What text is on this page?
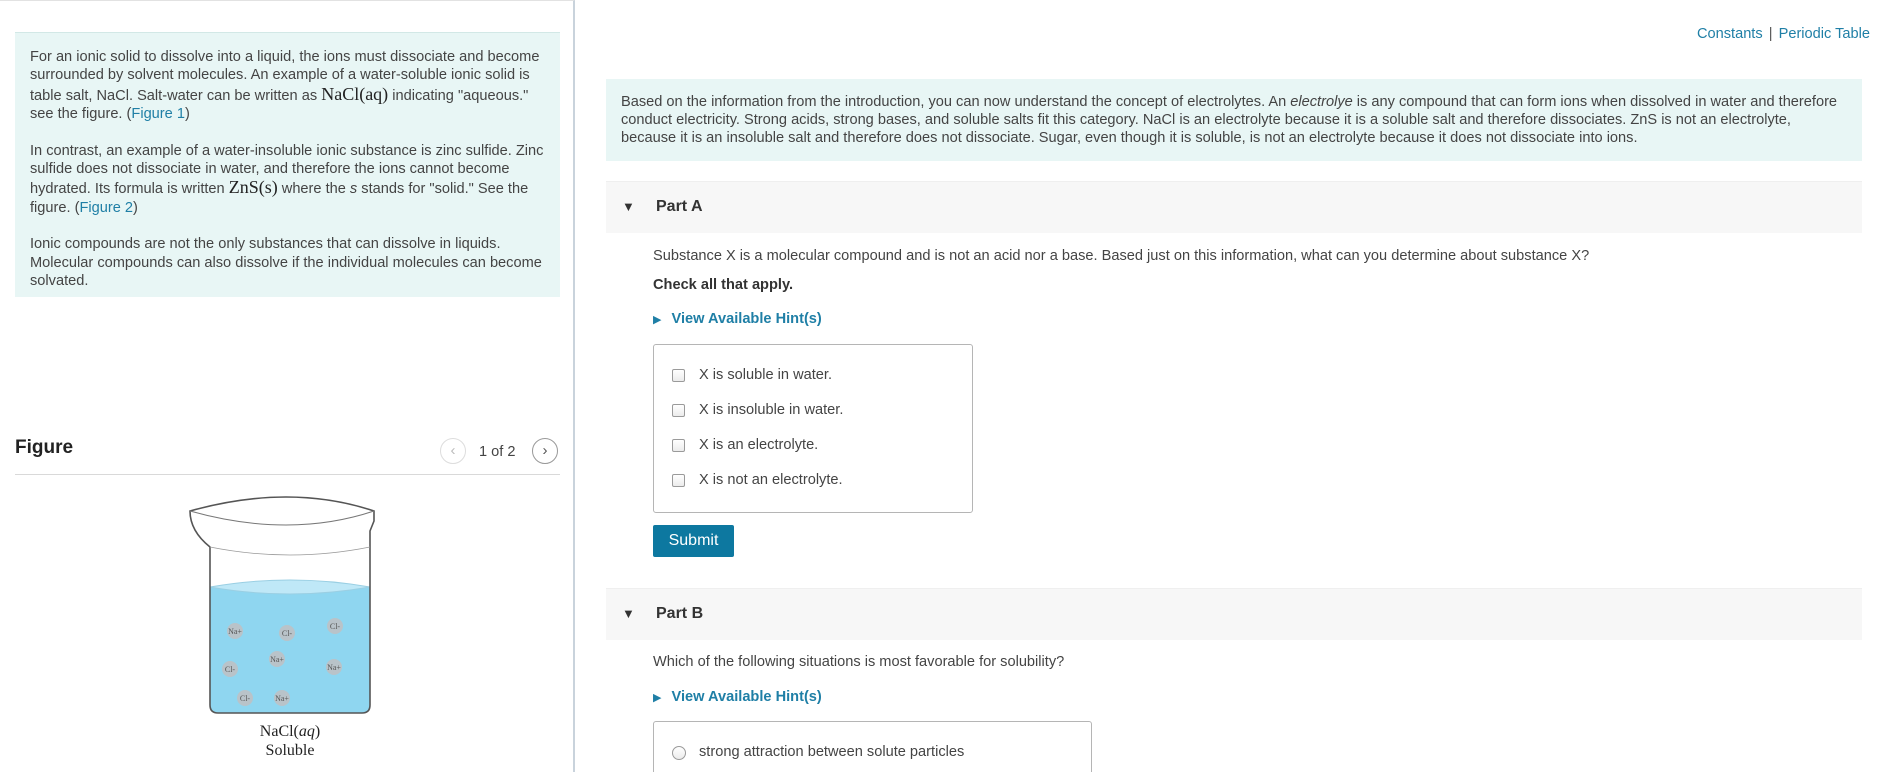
For an ionic solid to dissolve into a liquid, the ions must dissociate and become surrounded by solvent molecules. An example of a water-soluble ionic solid is table salt, NaCl. Salt-water can be written as NaCl(aq) indicating "aqueous." see the figure. (Figure 1)

In contrast, an example of a water-insoluble ionic substance is zinc sulfide. Zinc sulfide does not dissociate in water, and therefore the ions cannot become hydrated. Its formula is written ZnS(s) where the s stands for "solid." See the figure. (Figure 2)

Ionic compounds are not the only substances that can dissolve in liquids. Molecular compounds can also dissolve if the individual molecules can become solvated.

Figure	‹	1 of 2	›
Na+	Cl-
Cl-
Na+
Cl-	Na+
Cl-	Na+
NaCl(aq)
Soluble
Constants | Periodic Table
Based on the information from the introduction, you can now understand the concept of electrolytes. An electrolye is any compound that can form ions when dissolved in water and therefore conduct electricity. Strong acids, strong bases, and soluble salts fit this category. NaCl is an electrolyte because it is a soluble salt and therefore dissociates. ZnS is not an electrolyte, because it is an insoluble salt and therefore does not dissociate. Sugar, even though it is soluble, is not an electrolyte because it does not dissociate into ions.
▼ Part A
Substance X is a molecular compound and is not an acid nor a base. Based just on this information, what can you determine about substance X?
Check all that apply.
▶ View Available Hint(s)
X is soluble in water.
X is insoluble in water.
X is an electrolyte.
X is not an electrolyte.
Submit
▼ Part B
Which of the following situations is most favorable for solubility?
▶ View Available Hint(s)
strong attraction between solute particles
